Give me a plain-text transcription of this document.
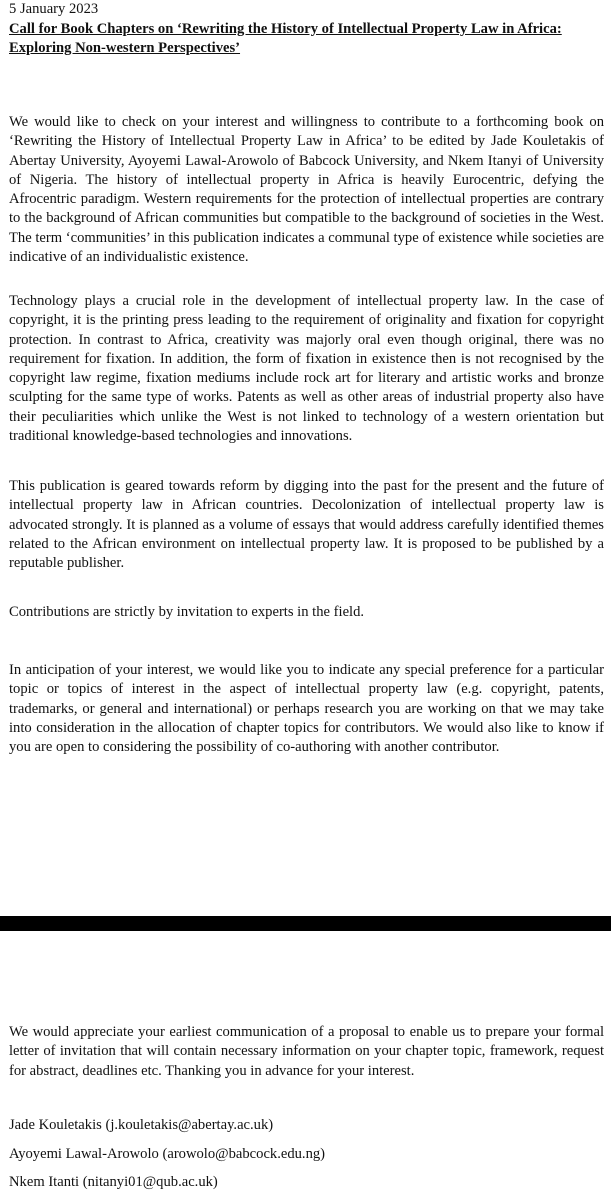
5 January 2023
Call for Book Chapters on ‘Rewriting the History of Intellectual Property Law in Africa: Exploring Non-western Perspectives’

We would like to check on your interest and willingness to contribute to a forthcoming book on ‘Rewriting the History of Intellectual Property Law in Africa’ to be edited by Jade Kouletakis of Abertay University, Ayoyemi Lawal-Arowolo of Babcock University, and Nkem Itanyi of University of Nigeria. The history of intellectual property in Africa is heavily Eurocentric, defying the Afrocentric paradigm. Western requirements for the protection of intellectual properties are contrary to the background of African communities but compatible to the background of societies in the West. The term ‘communities’ in this publication indicates a communal type of existence while societies are indicative of an individualistic existence.

Technology plays a crucial role in the development of intellectual property law. In the case of copyright, it is the printing press leading to the requirement of originality and fixation for copyright protection. In contrast to Africa, creativity was majorly oral even though original, there was no requirement for fixation. In addition, the form of fixation in existence then is not recognised by the copyright law regime, fixation mediums include rock art for literary and artistic works and bronze sculpting for the same type of works. Patents as well as other areas of industrial property also have their peculiarities which unlike the West is not linked to technology of a western orientation but traditional knowledge-based technologies and innovations.

This publication is geared towards reform by digging into the past for the present and the future of intellectual property law in African countries. Decolonization of intellectual property law is advocated strongly. It is planned as a volume of essays that would address carefully identified themes related to the African environment on intellectual property law. It is proposed to be published by a reputable publisher.

Contributions are strictly by invitation to experts in the field.

In anticipation of your interest, we would like you to indicate any special preference for a particular topic or topics of interest in the aspect of intellectual property law (e.g. copyright, patents, trademarks, or general and international) or perhaps research you are working on that we may take into consideration in the allocation of chapter topics for contributors. We would also like to know if you are open to considering the possibility of co-authoring with another contributor.

We would appreciate your earliest communication of a proposal to enable us to prepare your formal letter of invitation that will contain necessary information on your chapter topic, framework, request for abstract, deadlines etc. Thanking you in advance for your interest.

Jade Kouletakis (j.kouletakis@abertay.ac.uk)
Ayoyemi Lawal-Arowolo (arowolo@babcock.edu.ng)
Nkem Itanti (nitanyi01@qub.ac.uk)
